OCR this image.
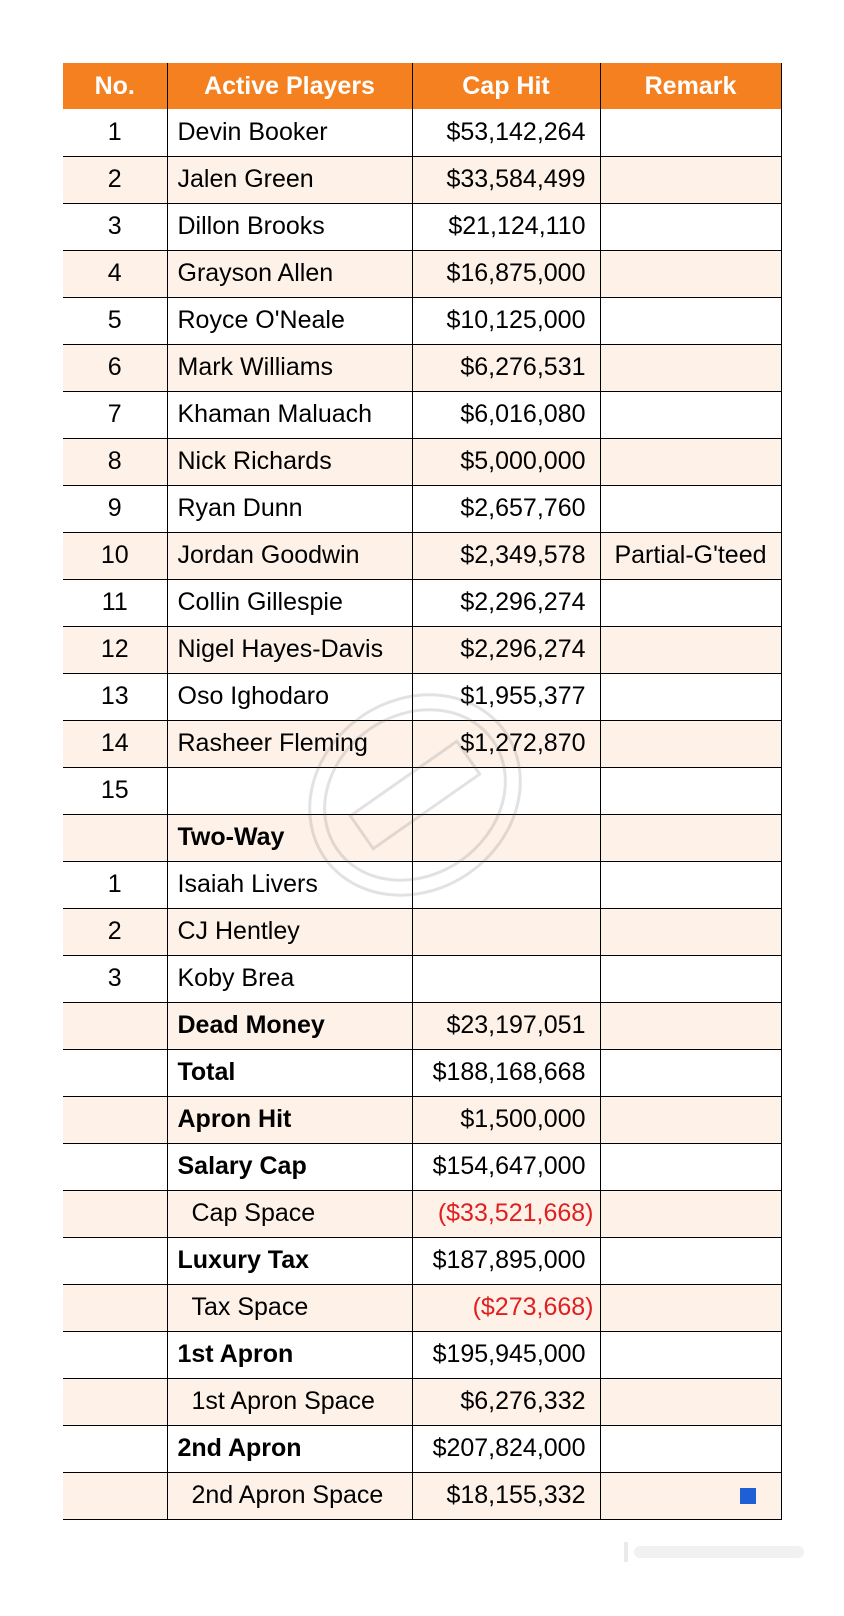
No.	Active Players	Cap Hit	Remark
1	Devin Booker	$53,142,264	
2	Jalen Green	$33,584,499	
3	Dillon Brooks	$21,124,110	
4	Grayson Allen	$16,875,000	
5	Royce O'Neale	$10,125,000	
6	Mark Williams	$6,276,531	
7	Khaman Maluach	$6,016,080	
8	Nick Richards	$5,000,000	
9	Ryan Dunn	$2,657,760	
10	Jordan Goodwin	$2,349,578	Partial-G'teed
11	Collin Gillespie	$2,296,274	
12	Nigel Hayes-Davis	$2,296,274	
13	Oso Ighodaro	$1,955,377	
14	Rasheer Fleming	$1,272,870	
15			
	Two-Way		
1	Isaiah Livers		
2	CJ Hentley		
3	Koby Brea		
	Dead Money	$23,197,051	
	Total	$188,168,668	
	Apron Hit	$1,500,000	
	Salary Cap	$154,647,000	
	Cap Space	($33,521,668)	
	Luxury Tax	$187,895,000	
	Tax Space	($273,668)	
	1st Apron	$195,945,000	
	1st Apron Space	$6,276,332	
	2nd Apron	$207,824,000	
	2nd Apron Space	$18,155,332	
